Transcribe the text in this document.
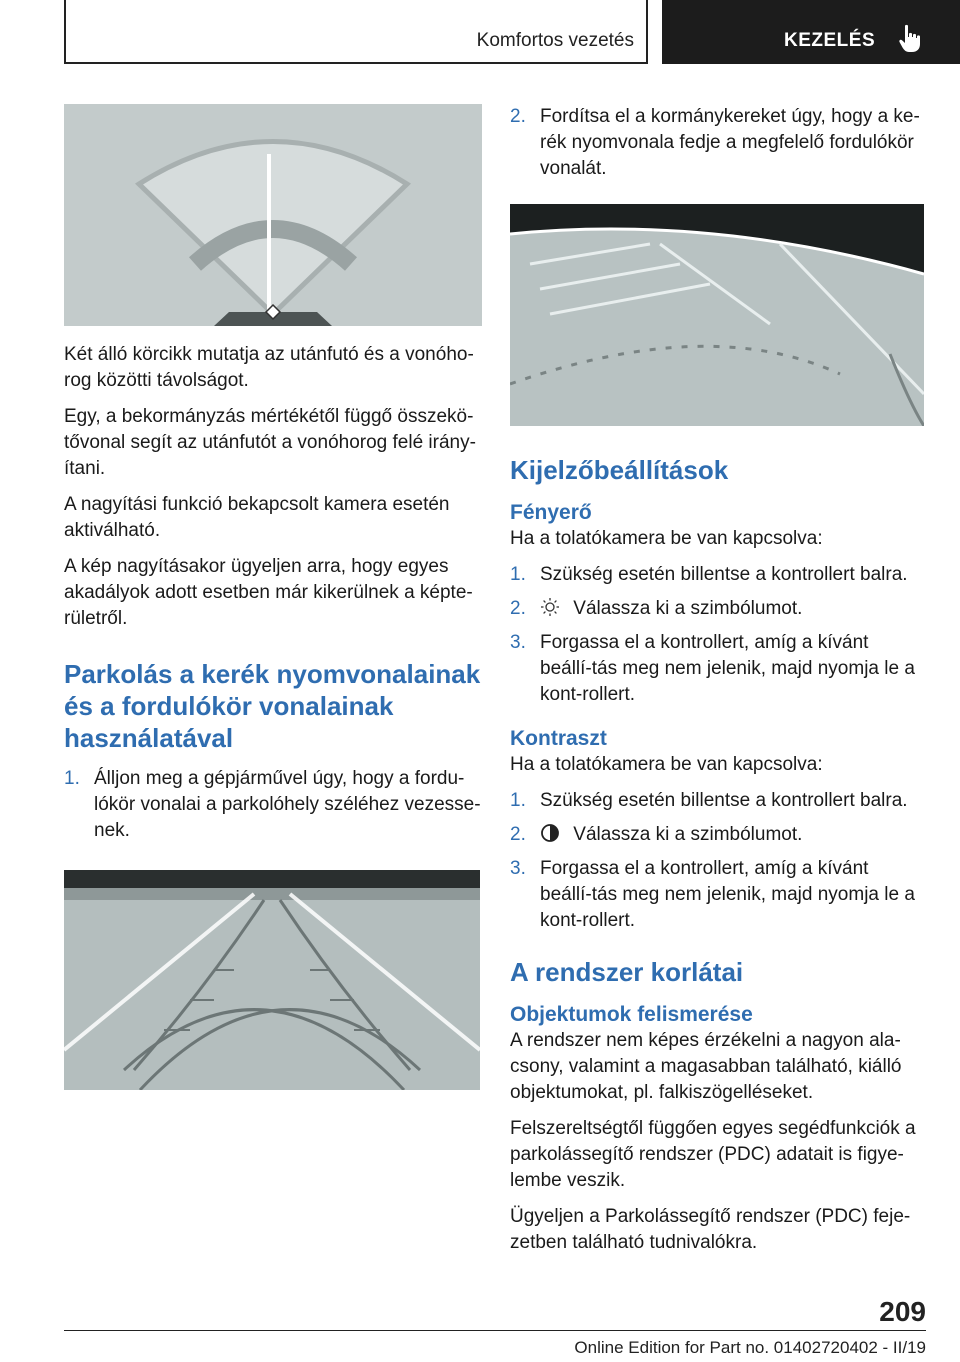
Komfortos vezetés	KEZELÉS

Két álló körcikk mutatja az utánfutó és a vonóho-rog közötti távolságot.

Egy, a bekormányzás mértékétől függő összekö-tővonal segít az utánfutót a vonóhorog felé irány-ítani.

A nagyítási funkció bekapcsolt kamera esetén aktiválható.

A kép nagyításakor ügyeljen arra, hogy egyes akadályok adott esetben már kikerülnek a képte-rületről.

Parkolás a kerék nyomvonalainak és a fordulókör vonalainak használatával

1. Álljon meg a gépjárművel úgy, hogy a fordu-lókör vonalai a parkolóhely széléhez vezesse-nek.
2. Fordítsa el a kormánykereket úgy, hogy a ke-rék nyomvonala fedje a megfelelő fordulókör vonalát.

Kijelzőbeállítások

Fényerő

Ha a tolatókamera be van kapcsolva:

1. Szükség esetén billentse a kontrollert balra.
2. Válassza ki a szimbólumot.
3. Forgassa el a kontrollert, amíg a kívánt beállí-tás meg nem jelenik, majd nyomja le a kont-rollert.

Kontraszt

Ha a tolatókamera be van kapcsolva:

1. Szükség esetén billentse a kontrollert balra.
2. Válassza ki a szimbólumot.
3. Forgassa el a kontrollert, amíg a kívánt beállí-tás meg nem jelenik, majd nyomja le a kont-rollert.

A rendszer korlátai

Objektumok felismerése

A rendszer nem képes érzékelni a nagyon ala-csony, valamint a magasabban található, kiálló objektumokat, pl. falkiszögelléseket.

Felszereltségtől függően egyes segédfunkciók a parkolássegítő rendszer (PDC) adatait is figye-lembe veszik.

Ügyeljen a Parkolássegítő rendszer (PDC) feje-zetben található tudnivalókra.

209
Online Edition for Part no. 01402720402 - II/19
